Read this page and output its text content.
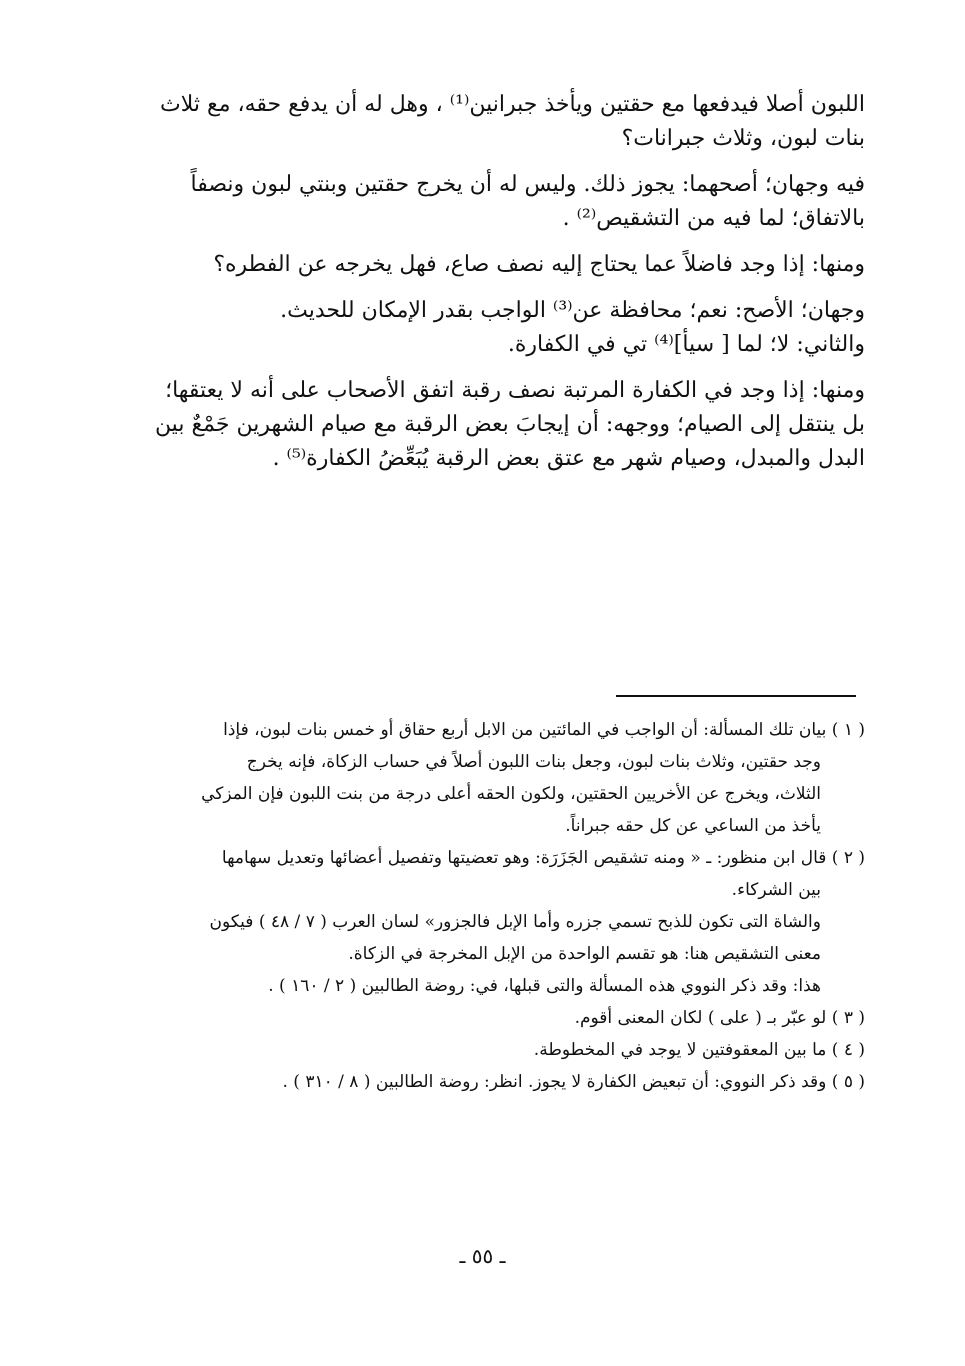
اللبون أصلا فيدفعها مع حقتين ويأخذ جبرانين⁽¹⁾ ، وهل له أن يدفع حقه، مع ثلاث
بنات لبون، وثلاث جبرانات؟
فيه وجهان؛ أصحهما: يجوز ذلك. وليس له أن يخرج حقتين وبنتي لبون ونصفاً
بالاتفاق؛ لما فيه من التشقيص⁽²⁾ .
ومنها: إذا وجد فاضلاً عما يحتاج إليه نصف صاع، فهل يخرجه عن الفطره؟
وجهان؛ الأصح: نعم؛ محافظة عن⁽³⁾ الواجب بقدر الإمكان للحديث.
والثاني: لا؛ لما [ سيأ]⁽⁴⁾ تي في الكفارة.
ومنها: إذا وجد في الكفارة المرتبة نصف رقبة اتفق الأصحاب على أنه لا يعتقها؛
بل ينتقل إلى الصيام؛ ووجهه: أن إيجابَ بعض الرقبة مع صيام الشهرين جَمْعٌ بين
البدل والمبدل، وصيام شهر مع عتق بعض الرقبة يُبَعِّضُ الكفارة⁽⁵⁾ .
( ١ ) بيان تلك المسألة: أن الواجب في المائتين من الابل أربع حقاق أو خمس بنات لبون، فإذا
وجد حقتين، وثلاث بنات لبون، وجعل بنات اللبون أصلاً في حساب الزكاة، فإنه يخرج
الثلاث، ويخرج عن الأخريين الحقتين، ولكون الحقه أعلى درجة من بنت اللبون فإن المزكي
يأخذ من الساعي عن كل حقه جبراناً.
( ٢ ) قال ابن منظور: ـ « ومنه تشقيص الجَزَرَة: وهو تعضيتها وتفصيل أعضائها وتعديل سهامها
بين الشركاء.
والشاة التى تكون للذبح تسمي جزره وأما الإبل فالجزور» لسان العرب ( ٧ / ٤٨ ) فيكون
معنى التشقيص هنا: هو تقسم الواحدة من الإبل المخرجة في الزكاة.
هذا: وقد ذكر النووي هذه المسألة والتى قبلها، في: روضة الطالبين ( ٢ / ١٦٠ ) .
( ٣ ) لو عبّر بـ ( على ) لكان المعنى أقوم.
( ٤ ) ما بين المعقوفتين لا يوجد في المخطوطة.
( ٥ ) وقد ذكر النووي: أن تبعيض الكفارة لا يجوز. انظر: روضة الطالبين ( ٨ / ٣١٠ ) .
ـ ٥٥ ـ
